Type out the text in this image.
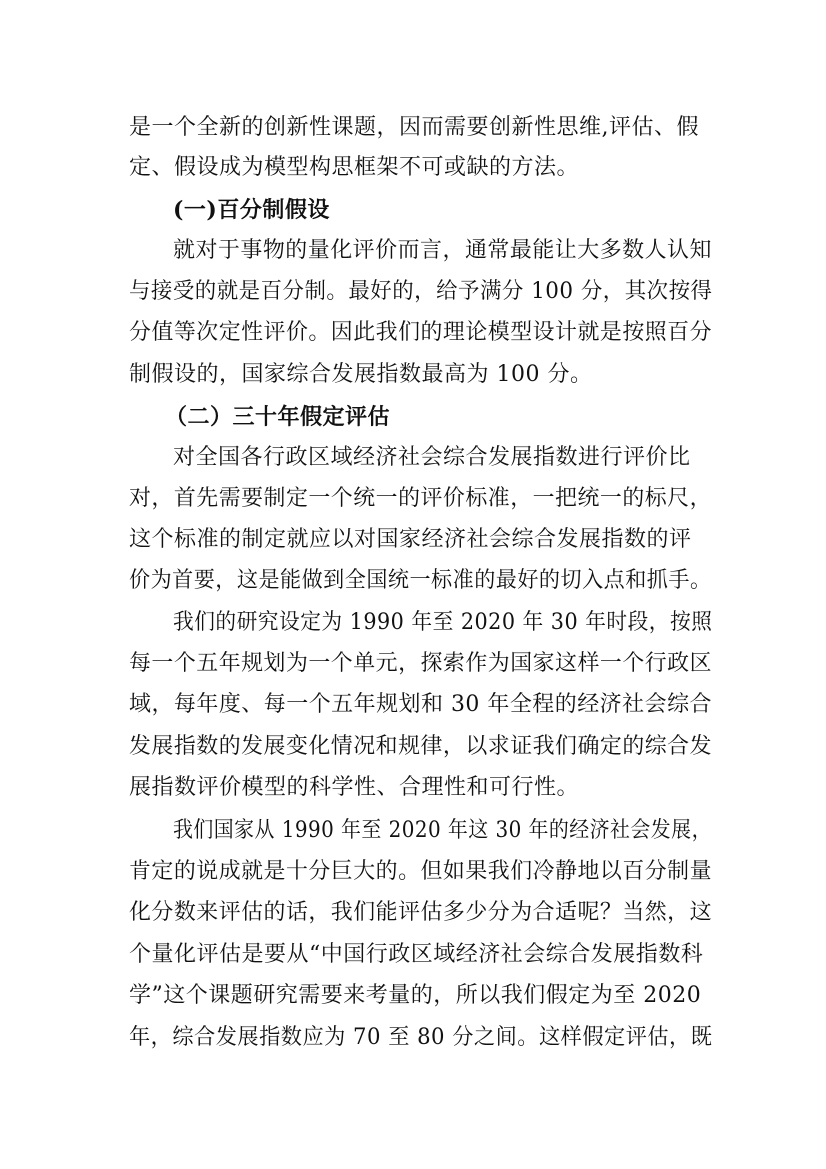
是一个全新的创新性课题，因而需要创新性思维,评估、假
定、假设成为模型构思框架不可或缺的方法。
(一)百分制假设
就对于事物的量化评价而言，通常最能让大多数人认知
与接受的就是百分制。最好的，给予满分 100 分，其次按得
分值等次定性评价。因此我们的理论模型设计就是按照百分
制假设的，国家综合发展指数最高为 100 分。
（二）三十年假定评估
对全国各行政区域经济社会综合发展指数进行评价比
对，首先需要制定一个统一的评价标准，一把统一的标尺，
这个标准的制定就应以对国家经济社会综合发展指数的评
价为首要，这是能做到全国统一标准的最好的切入点和抓手。
我们的研究设定为 1990 年至 2020 年 30 年时段，按照
每一个五年规划为一个单元，探索作为国家这样一个行政区
域，每年度、每一个五年规划和 30 年全程的经济社会综合
发展指数的发展变化情况和规律，以求证我们确定的综合发
展指数评价模型的科学性、合理性和可行性。
我们国家从 1990 年至 2020 年这 30 年的经济社会发展，
肯定的说成就是十分巨大的。但如果我们冷静地以百分制量
化分数来评估的话，我们能评估多少分为合适呢？当然，这
个量化评估是要从“中国行政区域经济社会综合发展指数科
学”这个课题研究需要来考量的，所以我们假定为至 2020
年，综合发展指数应为 70 至 80 分之间。这样假定评估，既
